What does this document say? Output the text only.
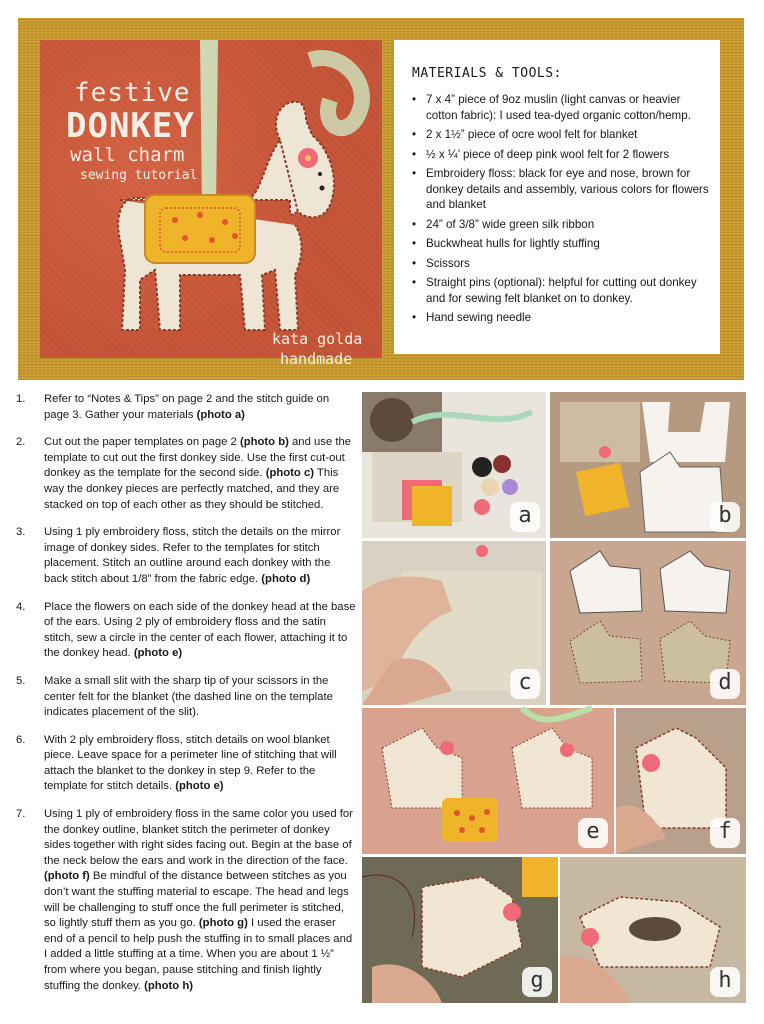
festive
DONKEY
wall charm
sewing tutorial
kata golda
handmade
MATERIALS & TOOLS:
• 7 x 4” piece of 9oz muslin (light canvas or heavier cotton fabric): I used tea-dyed organic cotton/hemp.
• 2 x 1½” piece of ocre wool felt for blanket
• ½ x ¼’ piece of deep pink wool felt for 2 flowers
• Embroidery floss: black for eye and nose, brown for donkey details and assembly, various colors for flowers and blanket
• 24” of 3/8” wide green silk ribbon
• Buckwheat hulls for lightly stuffing
• Scissors
• Straight pins (optional): helpful for cutting out donkey and for sewing felt blanket on to donkey.
• Hand sewing needle
1. Refer to “Notes & Tips” on page 2 and the stitch guide on page 3. Gather your materials (photo a)
2. Cut out the paper templates on page 2 (photo b) and use the template to cut out the first donkey side. Use the first cut-out donkey as the template for the second side. (photo c) This way the donkey pieces are perfectly matched, and they are stacked on top of each other as they should be stitched.
3. Using 1 ply embroidery floss, stitch the details on the mirror image of donkey sides. Refer to the templates for stitch placement. Stitch an outline around each donkey with the back stitch about 1/8” from the fabric edge. (photo d)
4. Place the flowers on each side of the donkey head at the base of the ears. Using 2 ply of embroidery floss and the satin stitch, sew a circle in the center of each flower, attaching it to the donkey head. (photo e)
5. Make a small slit with the sharp tip of your scissors in the center felt for the blanket (the dashed line on the template indicates placement of the slit).
6. With 2 ply embroidery floss, stitch details on wool blanket piece. Leave space for a perimeter line of stitching that will attach the blanket to the donkey in step 9. Refer to the template for stitch details. (photo e)
7. Using 1 ply of embroidery floss in the same color you used for the donkey outline, blanket stitch the perimeter of donkey sides together with right sides facing out. Begin at the base of the neck below the ears and work in the direction of the face. (photo f) Be mindful of the distance between stitches as you don’t want the stuffing material to escape. The head and legs will be challenging to stuff once the full perimeter is stitched, so lightly stuff them as you go. (photo g) I used the eraser end of a pencil to help push the stuffing in to small places and I added a little stuffing at a time. When you are about 1 ½” from where you began, pause stitching and finish lightly stuffing the donkey. (photo h)
a	b
c	d
e	f
g	h
